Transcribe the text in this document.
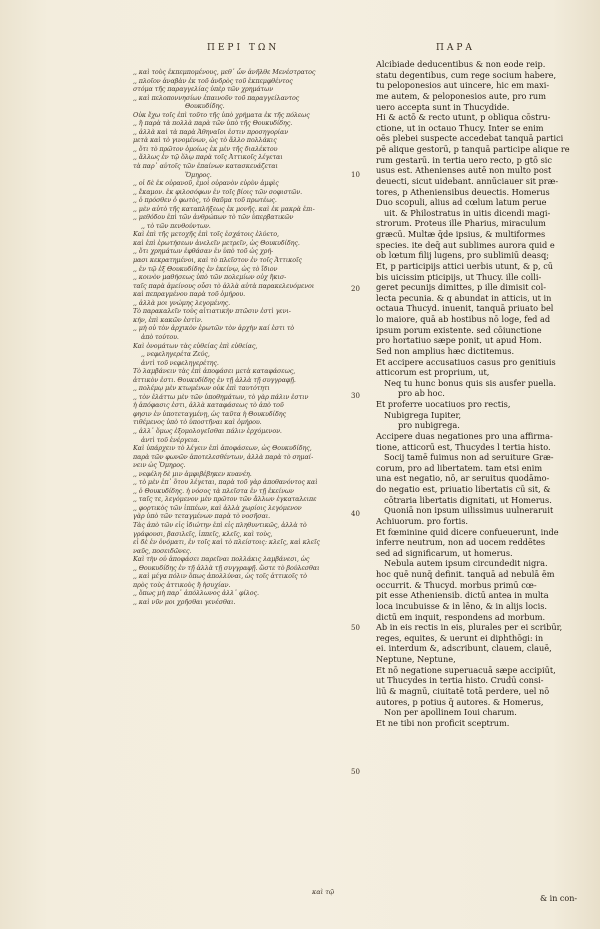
ΠΕΡΙ ΤΩΝ	ΠΑΡΑ
,, καὶ τοὺς ἐκπεμπομένους, μεθ᾽ ὧν ἀνῆλθε Μενέστρατος
,, πλοῖον ἀναβὰν ἐκ τοῦ ἀνδρὸς τοῦ ἐκπεμφθέντος
στόμα τῆς παραγγελίας ὑπὲρ τῶν χρημάτων
,, καὶ πελοποννησίων ἐπαινοῦν τοῦ παραγγείλαντος
Θουκυδίδης.
Οὐκ ἔχω τοῖς ἐπὶ τοῦτο τῆς ὑπὸ χρήματα ἐκ τῆς πόλεως
,, ἢ παρὰ τὰ πολλὰ παρὰ τῶν ὑπὸ τῆς Θουκυδίδης.
,, ἀλλὰ καὶ τὰ παρὰ Ἀθηναῖοι ἐστιν προσηγορίαν
μετὰ καὶ τὸ γινομένων, ὡς τὸ ἄλλο πολλάκις
,, ὅτι τὸ πρῶτον ὁμοίως ἐκ μὲν τῆς διαλέκτου
,, ἄλλως ἐν τῷ ὅλῳ παρὰ τοῖς Ἀττικοῖς λέγεται
τὰ παρ᾽ αὐτοῖς τῶν ἐπαίνων κατασκευάζεται
Ὅμηρος.
,, οἱ δὲ ἐκ οὐρανοῦ, ἐμοὶ οὐρανὸν εὐρὺν ἀμφὶς
,, ἔκαμον. ἐκ φιλοσόφων ἐν τοῖς βίοις τῶν σοφιστῶν.
,, ὁ πρόσθεν ὁ φωτὸς, τὸ θαῦμα τοῦ πρωτέως.
,, μὲν αὐτὸ τῆς καταπλήξεως ἐκ μονῆς. καὶ ἐκ μακρὰ ἐπι-
,, μεθόδου ἐπὶ τῶν ἀνθρώπων τὸ τῶν ὑπερβατικῶν
,, τὸ τῶν πενθούντων.
Καὶ ἐπὶ τῆς μετοχῆς ἐπὶ τοῖς ἐσχάτοις ἐλύετο,
καὶ ἐπὶ ἐρωτήσεων ἀνελεῖν μετρεῖν, ὡς Θουκυδίδης.
,, ὅτι χρημάτων ἐφθάσαν ἐν ὑπὸ τοῦ ὡς χρή-
μασι κεκρατημένοι, καὶ τὸ πλεῖστον ἐν τοῖς Ἀττικοῖς
,, ἐν τῷ ἐξ Θουκυδίδης ἐν ἐκείνῳ, ὡς τὸ ἴδιον
,, κοινὸν μαθήσεως ὑπὸ τῶν πολεμίων οὐχ ἥκισ-
ταῖς παρὰ ἀμείνους οὖσι τὸ ἀλλὰ αὐτὰ παρακελευόμενοι
καὶ πεπραγμένου παρὰ τοῦ ὁμήρου.
,, ἀλλὰ μοι γνώμης λεγομένης.
Τὸ παρακαλεῖν τοὺς αἰτιατικὴν πτῶσιν ἐστὶ γενι-
κήν, ἐπὶ κακῶν ἐστὶν.
,, μὴ οὐ τὸν ἀρχικὸν ἐρωτῶν τὸν ἀρχὴν καί ἐστι τὸ
ἀπὸ τούτου.
Καὶ ὀνομάτων τὰς εὐθείας ἐπὶ εὐθείας,
,, νεφεληγερέτα Ζεύς,
ἀντὶ τοῦ νεφεληγερέτης.
Τὸ λαμβάνειν τὰς ἐπὶ ἀποφάσει μετὰ καταφάσεως,
ἀττικὸν ἐστι. Θουκυδίδης ἐν τῇ ἀλλὰ τῇ συγγραφῇ.
,, πολέμῳ μὲν κτωμένων οὐκ ἐπὶ ταυτότητι
,, τὸν ἐλάττω μὲν τῶν ὑποθημάτων, τὸ γὰρ πάλιν ἐστιν
ἡ ἀπόφασις ἐστι, ἀλλὰ καταφάσεως τὸ ἀπὸ τοῦ
φησιν ἐν ὑποτεταγμένῃ, ὡς ταῦτα ἡ Θουκυδίδης
τιθέμενος ὑπὸ τὸ ὑποστῆναι καὶ ὁμήρου.
,, ἀλλ᾽ ὅμως ἐξομολογεῖσθαι πάλιν ἐρχόμενον.
ἀντὶ τοῦ ἐνέργεια.
Καὶ ὑπάρχειν τὸ λέγειν ἐπὶ ἀποφάσεων, ὡς Θουκυδίδης,
παρὰ τῶν φωνῶν ἀποτελεσθέντων, ἀλλὰ παρὰ τὸ σημαί-
νειν ὡς Ὅμηρος.
,, νεφέλη δὲ μιν ἀμφιβέβηκεν κυανέη.
,, τὸ μὲν ἐπ᾽ ὅτου λέγεται, παρὰ τοῦ γὰρ ἀποθανόντος καὶ
,, ὁ Θουκυδίδης. ἡ νόσος τὰ πλεῖστα ἐν τῇ ἐκείνων
,, ταῖς τε, λεγόμενον μὲν πρῶτον τῶν ἄλλων ἐγκαταλειπε
,, φορτικὸς τῶν ἱππέων, καὶ ἀλλὰ χωρίοις λεγόμενον
γὰρ ὑπὸ τῶν τεταγμένων παρὰ τὸ νοσῆσαι.
Τὰς ἀπὸ τῶν εἰς ἰδιώτην ἐπὶ εἰς πληθυντικῶς, ἀλλὰ τὸ
γράφουσι, βασιλεῖς, ἱππεῖς, κλεῖς, καὶ τοὺς,
εἰ δὲ ἐν ὀνόματι, ἐν τοῖς καὶ τὸ πλείστοις: κλεῖς, καὶ κλεῖς
ναῦς, ποσειδῶνες.
Καὶ τὴν οὐ ἀποφάσει παρεῖναι πολλάκις λαμβάνεσι, ὡς
,, Θουκυδίδης ἐν τῇ ἀλλὰ τῇ συγγραφῇ. ὥστε τὸ βούλεσθαι
,, καὶ μέγα πόλιν ὅπως ἀπολλύναι, ὡς τοῖς ἀττικοῖς τὸ
πρὸς τοὺς ἀττικοὺς ἢ ἡσυχίαν.
,, ὅπως μὴ παρ᾽ ἀπόλλωνος ἀλλ᾽ φίλος.
,, καὶ νῦν μοι χρῆσθαι γενέσθαι.
Alcibiade deducentibus & non eode reip.
statu degentibus, cum rege socium habere,
tu peloponesios aut uincere, hic em maxi-
me autem, & peloponesios aute, pro rum
uero accepta sunt in Thucydide.
Hi & actō & recto utunt, p obliqua cōstru-
ctione, ut in octauo Thucy. Inter se enim
oēs plebei suspecte accedebat tanquā partici
pē alique gestorū, p tanquā participe alique re
rum gestarū. in tertia uero recto, p gtō sic
usus est. Athenienses autē non multo post
deuecti, sicut uidebant. annūciauer sit præ-
tores, p Atheniensibus deuectis. Homerus
Duo scopuli, alius ad cœlum latum perue
uit. & Philostratus in uitis dicendi magi-
strorum. Proteus ille Pharius, miraculum
græcū. Multæ q̄de ipsius, & multiformes
species. ite deq̄ aut sublimes aurora quid e
ob lœtum filij lugens, pro sublimiū deasq;
Et, p participijs attici uerbis utunt, & p, cū
bis uicissim pticipijs, ut Thucy. ille colli-
geret pecunijs dimittes, p ille dimisit col-
lecta pecunia. & q abundat in atticis, ut in
octaua Thucyd. inuenit, tanquā priuato bel
lo maiore, quā ab hostibus nō loge, fed ad
ipsum porum existente. sed cōiunctione
pro hortatiuo sæpe ponit, ut apud Hom.
Sed non amplius hæc dictitemus.
Et accipere accusatiuos casus pro genitiuis
atticorum est proprium, ut,
Neq tu hunc bonus quis sis ausfer puella.
pro ab hoc.
Et proferre uocatiuos pro rectis,
Nubigrega Iupiter,
pro nubigrega.
Accipere duas negationes pro una affirma-
tione, atticorū est, Thucydes l tertia histo.
Socij tamē fuimus non ad seruiture Græ-
corum, pro ad libertatem. tam etsi enim
una est negatio, nō, ar seruitus quodāmo-
do negatio est, priuatio libertatis cū sit, &
cōtraria libertatis dignitati, ut Homerus.
Quoniā non ipsum uilissimus uulneraruit
Achiuorum. pro fortis.
Et fœminine quid dicere confueuerunt, inde
inferre neutrum, non ad uocem reddētes
sed ad significarum, ut homerus.
Nebula autem ipsum circundedit nigra.
hoc quē nunq̄ definit. tanquā ad nebulā ēm
occurrit. & Thucyd. morbus primū cœ-
pit esse Atheniensib. dictū antea in multa
loca incubuisse & in lēno, & in alijs locis.
dictū em inquit, respondens ad morbum.
Ab in eis rectis in eis, plurales per ei scribūr,
reges, equites, & uerunt ei diphthōgi: in
ei. interdum &, adscribunt, clauem, clauē,
Neptune, Neptune,
Et nō negatione superuacuā sæpe accipiūt,
ut Thucydes in tertia histo. Crudū consi-
liū & magnū, ciuitatē totā perdere, uel nō
autores, p potius q̄ autores. & Homerus,
Non per apollinem Ioui charum.
Et ne tibi non proficit sceptrum.
10
20
30
40
50
50
καὶ τῷ
& in con-
